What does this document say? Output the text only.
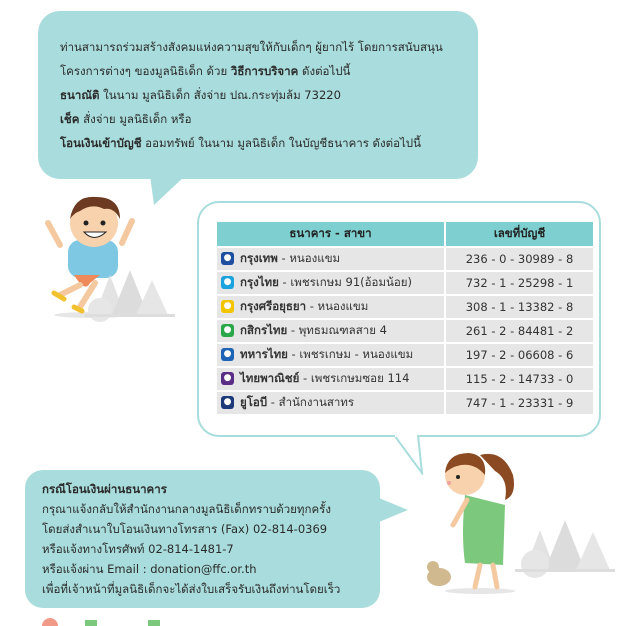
ท่านสามารถร่วมสร้างสังคมแห่งความสุขให้กับเด็กๆ ผู้ยากไร้ โดยการสนับสนุน
โครงการต่างๆ ของมูลนิธิเด็ก ด้วย วิธีการบริจาค ดังต่อไปนี้
ธนาณัติ ในนาม มูลนิธิเด็ก สั่งจ่าย ปณ.กระทุ่มล้ม 73220
เช็ค สั่งจ่าย มูลนิธิเด็ก หรือ
โอนเงินเข้าบัญชี ออมทรัพย์ ในนาม มูลนิธิเด็ก ในบัญชีธนาคาร ดังต่อไปนี้
ธนาคาร - สาขา	เลขที่บัญชี
● กรุงเทพ - หนองแขม	236 - 0 - 30989 - 8
● กรุงไทย - เพชรเกษม 91(อ้อมน้อย)	732 - 1 - 25298 - 1
● กรุงศรีอยุธยา - หนองแขม	308 - 1 - 13382 - 8
● กสิกรไทย - พุทธมณฑลสาย 4	261 - 2 - 84481 - 2
● ทหารไทย - เพชรเกษม - หนองแขม	197 - 2 - 06608 - 6
● ไทยพาณิชย์ - เพชรเกษมซอย 114	115 - 2 - 14733 - 0
● ยูโอบี - สำนักงานสาทร	747 - 1 - 23331 - 9
กรณีโอนเงินผ่านธนาคาร
กรุณาแจ้งกลับให้สำนักงานกลางมูลนิธิเด็กทราบด้วยทุกครั้ง
โดยส่งสำเนาใบโอนเงินทางโทรสาร (Fax) 02-814-0369
หรือแจ้งทางโทรศัพท์ 02-814-1481-7
หรือแจ้งผ่าน Email : donation@ffc.or.th
เพื่อที่เจ้าหน้าที่มูลนิธิเด็กจะได้ส่งใบเสร็จรับเงินถึงท่านโดยเร็ว
